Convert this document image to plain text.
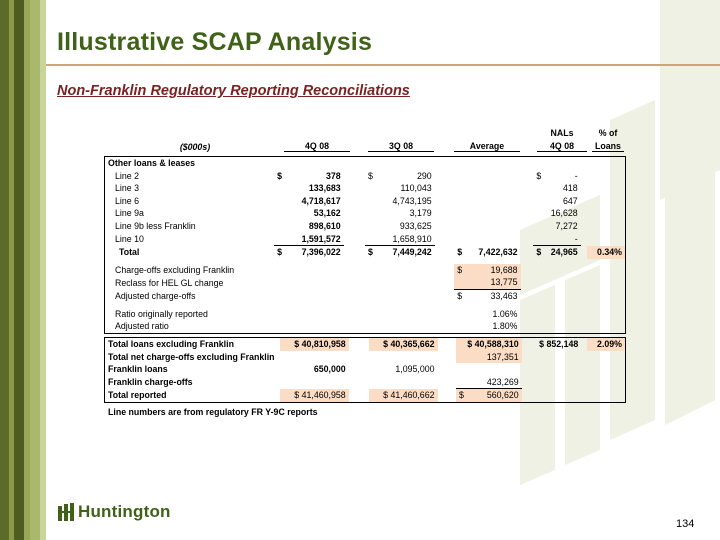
Illustrative SCAP Analysis
Non-Franklin Regulatory Reporting Reconciliations
NALs	% of
($000s)	4Q 08	3Q 08	Average	4Q 08	Loans
Other loans & leases													
Line 2	$	378		$	290					$	-		
Line 3		133,683			110,043						418		
Line 6		4,718,617			4,743,195						647		
Line 9a		53,162			3,179						16,628		
Line 9b less Franklin		898,610			933,625						7,272		
Line 10		1,591,572			1,658,910						-		
Total	$	7,396,022		$	7,449,242		$	7,422,632		$	24,965		0.34%

Charge-offs excluding Franklin							$	19,688					
Reclass for HEL GL change								13,775					
Adjusted charge-offs							$	33,463					

Ratio originally reported								1.06%					
Adjusted ratio								1.80%					
Total loans excluding Franklin	$ 40,810,958		$ 40,365,662		$ 40,588,310			$ 852,148		2.09%
Total net charge-offs excluding Franklin					137,351					
Franklin loans	650,000		1,095,000							
Franklin charge-offs					423,269					
Total reported	$ 41,460,958		$ 41,460,662		$	560,620				
Line numbers are from regulatory FR Y-9C reports
Huntington
134
